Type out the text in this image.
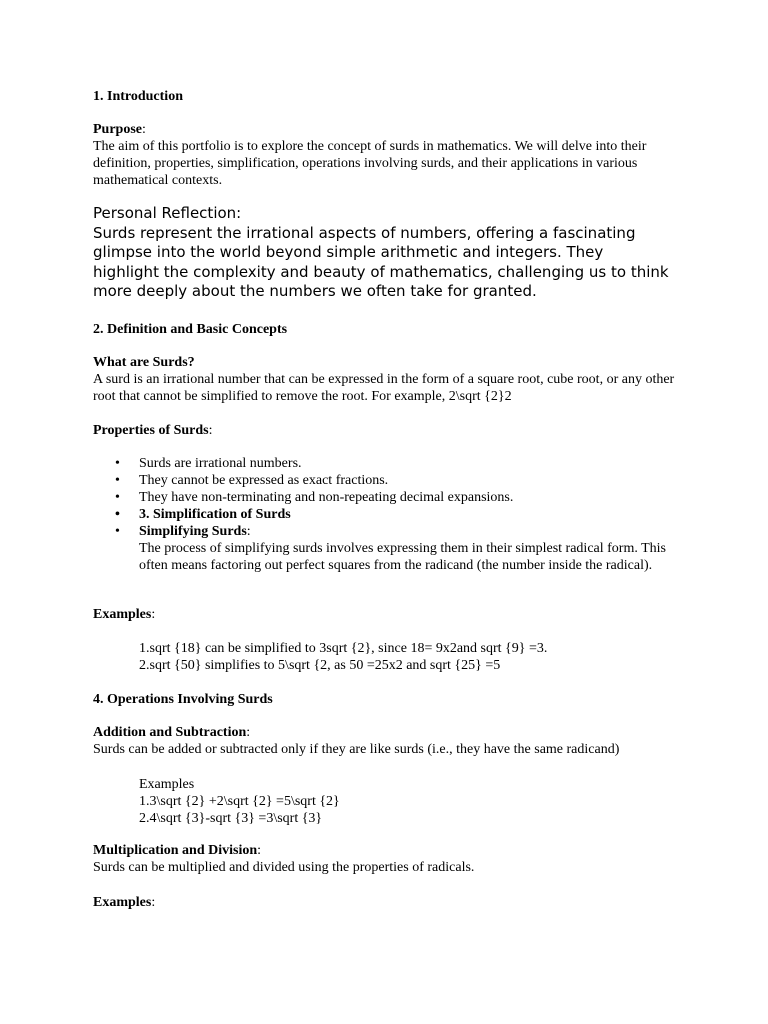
1. Introduction

Purpose:
The aim of this portfolio is to explore the concept of surds in mathematics. We will delve into their definition, properties, simplification, operations involving surds, and their applications in various mathematical contexts.
Personal Reflection:
Surds represent the irrational aspects of numbers, offering a fascinating glimpse into the world beyond simple arithmetic and integers. They highlight the complexity and beauty of mathematics, challenging us to think more deeply about the numbers we often take for granted.

2. Definition and Basic Concepts

What are Surds?
A surd is an irrational number that can be expressed in the form of a square root, cube root, or any other root that cannot be simplified to remove the root. For example, 2\sqrt {2}2

Properties of Surds:

• Surds are irrational numbers.
• They cannot be expressed as exact fractions.
• They have non-terminating and non-repeating decimal expansions.
• 3. Simplification of Surds
• Simplifying Surds:
The process of simplifying surds involves expressing them in their simplest radical form. This often means factoring out perfect squares from the radicand (the number inside the radical).

Examples:

1.sqrt {18} can be simplified to 3sqrt {2}, since 18= 9x2and sqrt {9} =3.
2.sqrt {50} simplifies to 5\sqrt {2, as 50 =25x2 and sqrt {25} =5

4. Operations Involving Surds

Addition and Subtraction:
Surds can be added or subtracted only if they are like surds (i.e., they have the same radicand)
Examples
1.3\sqrt {2} +2\sqrt {2} =5\sqrt {2}
2.4\sqrt {3}-sqrt {3} =3\sqrt {3}
Multiplication and Division:
Surds can be multiplied and divided using the properties of radicals.

Examples:
